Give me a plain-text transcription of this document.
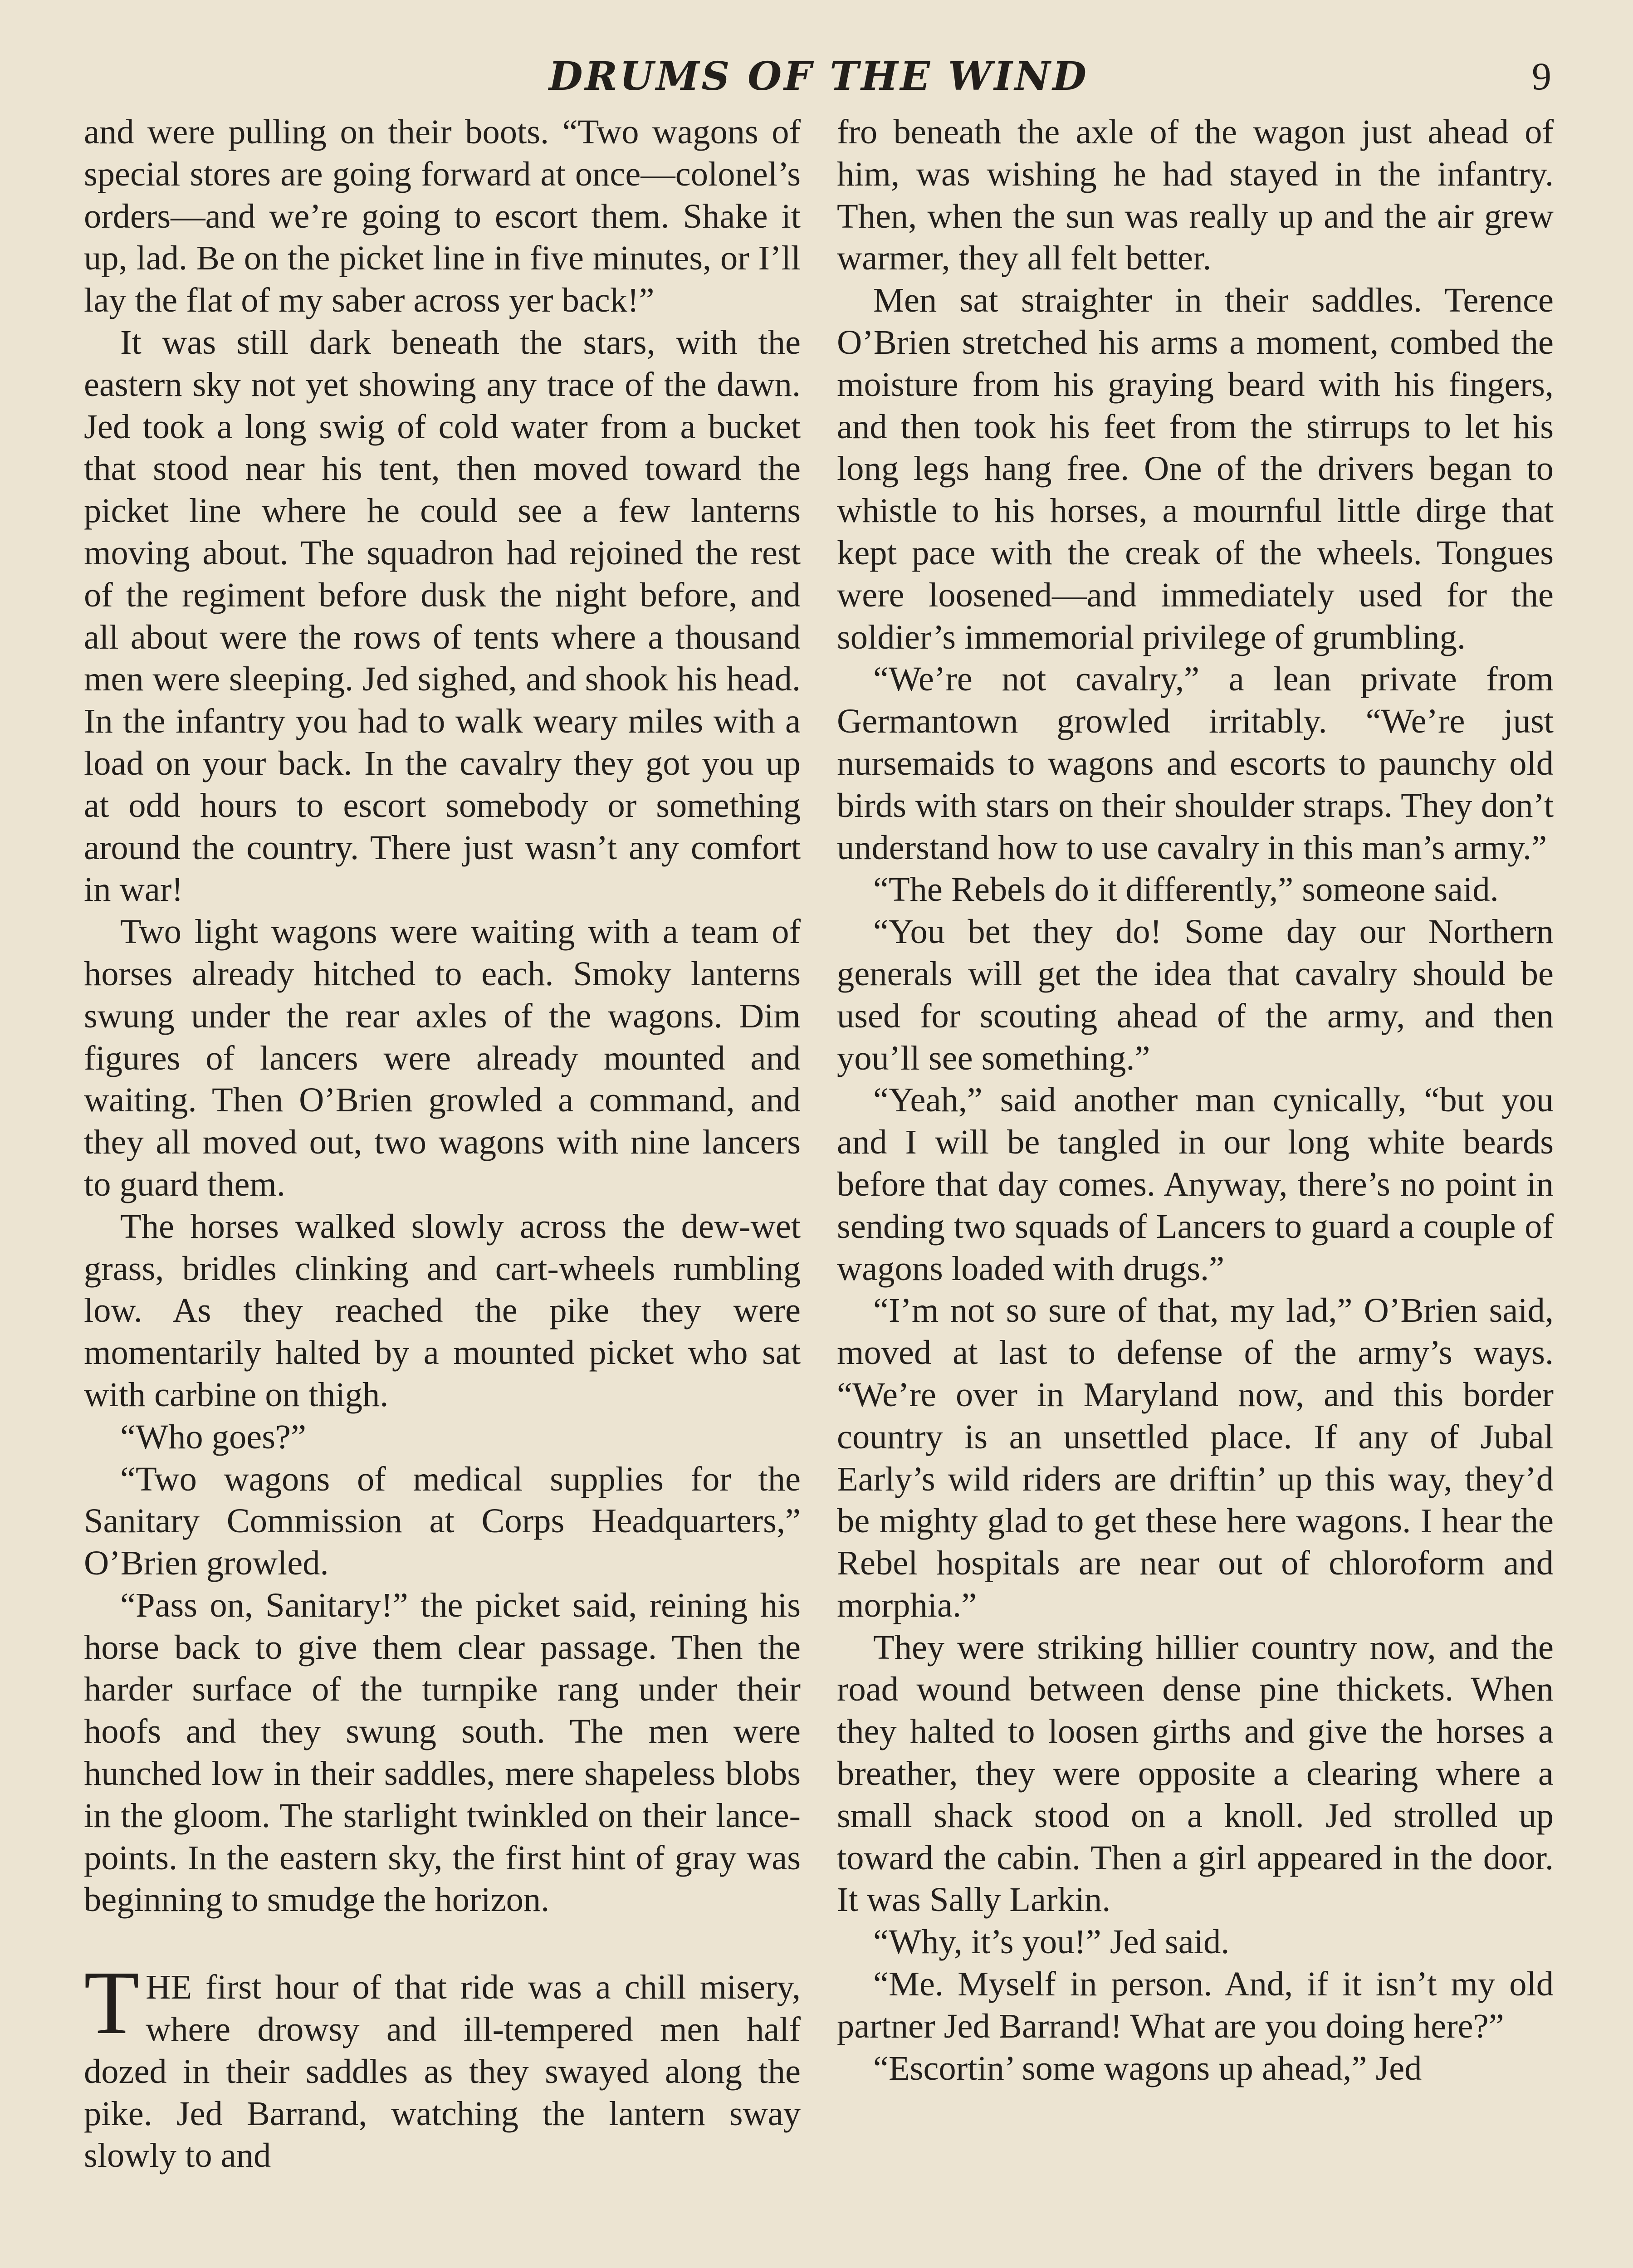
DRUMS OF THE WIND	9

and were pulling on their boots. “Two wagons of special stores are going forward at once—colonel’s orders—and we’re going to escort them. Shake it up, lad. Be on the picket line in five minutes, or I’ll lay the flat of my saber across yer back!”

It was still dark beneath the stars, with the eastern sky not yet showing any trace of the dawn. Jed took a long swig of cold water from a bucket that stood near his tent, then moved toward the picket line where he could see a few lanterns moving about. The squadron had rejoined the rest of the regiment before dusk the night before, and all about were the rows of tents where a thousand men were sleeping. Jed sighed, and shook his head. In the infantry you had to walk weary miles with a load on your back. In the cavalry they got you up at odd hours to escort somebody or something around the country. There just wasn’t any comfort in war!

Two light wagons were waiting with a team of horses already hitched to each. Smoky lanterns swung under the rear axles of the wagons. Dim figures of lancers were already mounted and waiting. Then O’Brien growled a command, and they all moved out, two wagons with nine lancers to guard them.

The horses walked slowly across the dew-wet grass, bridles clinking and cart-wheels rumbling low. As they reached the pike they were momentarily halted by a mounted picket who sat with carbine on thigh.

“Who goes?”

“Two wagons of medical supplies for the Sanitary Commission at Corps Headquarters,” O’Brien growled.

“Pass on, Sanitary!” the picket said, reining his horse back to give them clear passage. Then the harder surface of the turnpike rang under their hoofs and they swung south. The men were hunched low in their saddles, mere shapeless blobs in the gloom. The starlight twinkled on their lance-points. In the eastern sky, the first hint of gray was beginning to smudge the horizon.

THE first hour of that ride was a chill misery, where drowsy and ill-tempered men half dozed in their saddles as they swayed along the pike. Jed Barrand, watching the lantern sway slowly to and

fro beneath the axle of the wagon just ahead of him, was wishing he had stayed in the infantry. Then, when the sun was really up and the air grew warmer, they all felt better.

Men sat straighter in their saddles. Terence O’Brien stretched his arms a moment, combed the moisture from his graying beard with his fingers, and then took his feet from the stirrups to let his long legs hang free. One of the drivers began to whistle to his horses, a mournful little dirge that kept pace with the creak of the wheels. Tongues were loosened—and immediately used for the soldier’s immemorial privilege of grumbling.

“We’re not cavalry,” a lean private from Germantown growled irritably. “We’re just nursemaids to wagons and escorts to paunchy old birds with stars on their shoulder straps. They don’t understand how to use cavalry in this man’s army.”

“The Rebels do it differently,” someone said.

“You bet they do! Some day our Northern generals will get the idea that cavalry should be used for scouting ahead of the army, and then you’ll see something.”

“Yeah,” said another man cynically, “but you and I will be tangled in our long white beards before that day comes. Anyway, there’s no point in sending two squads of Lancers to guard a couple of wagons loaded with drugs.”

“I’m not so sure of that, my lad,” O’Brien said, moved at last to defense of the army’s ways. “We’re over in Maryland now, and this border country is an unsettled place. If any of Jubal Early’s wild riders are driftin’ up this way, they’d be mighty glad to get these here wagons. I hear the Rebel hospitals are near out of chloroform and morphia.”

They were striking hillier country now, and the road wound between dense pine thickets. When they halted to loosen girths and give the horses a breather, they were opposite a clearing where a small shack stood on a knoll. Jed strolled up toward the cabin. Then a girl appeared in the door. It was Sally Larkin.

“Why, it’s you!” Jed said.

“Me. Myself in person. And, if it isn’t my old partner Jed Barrand! What are you doing here?”

“Escortin’ some wagons up ahead,” Jed
